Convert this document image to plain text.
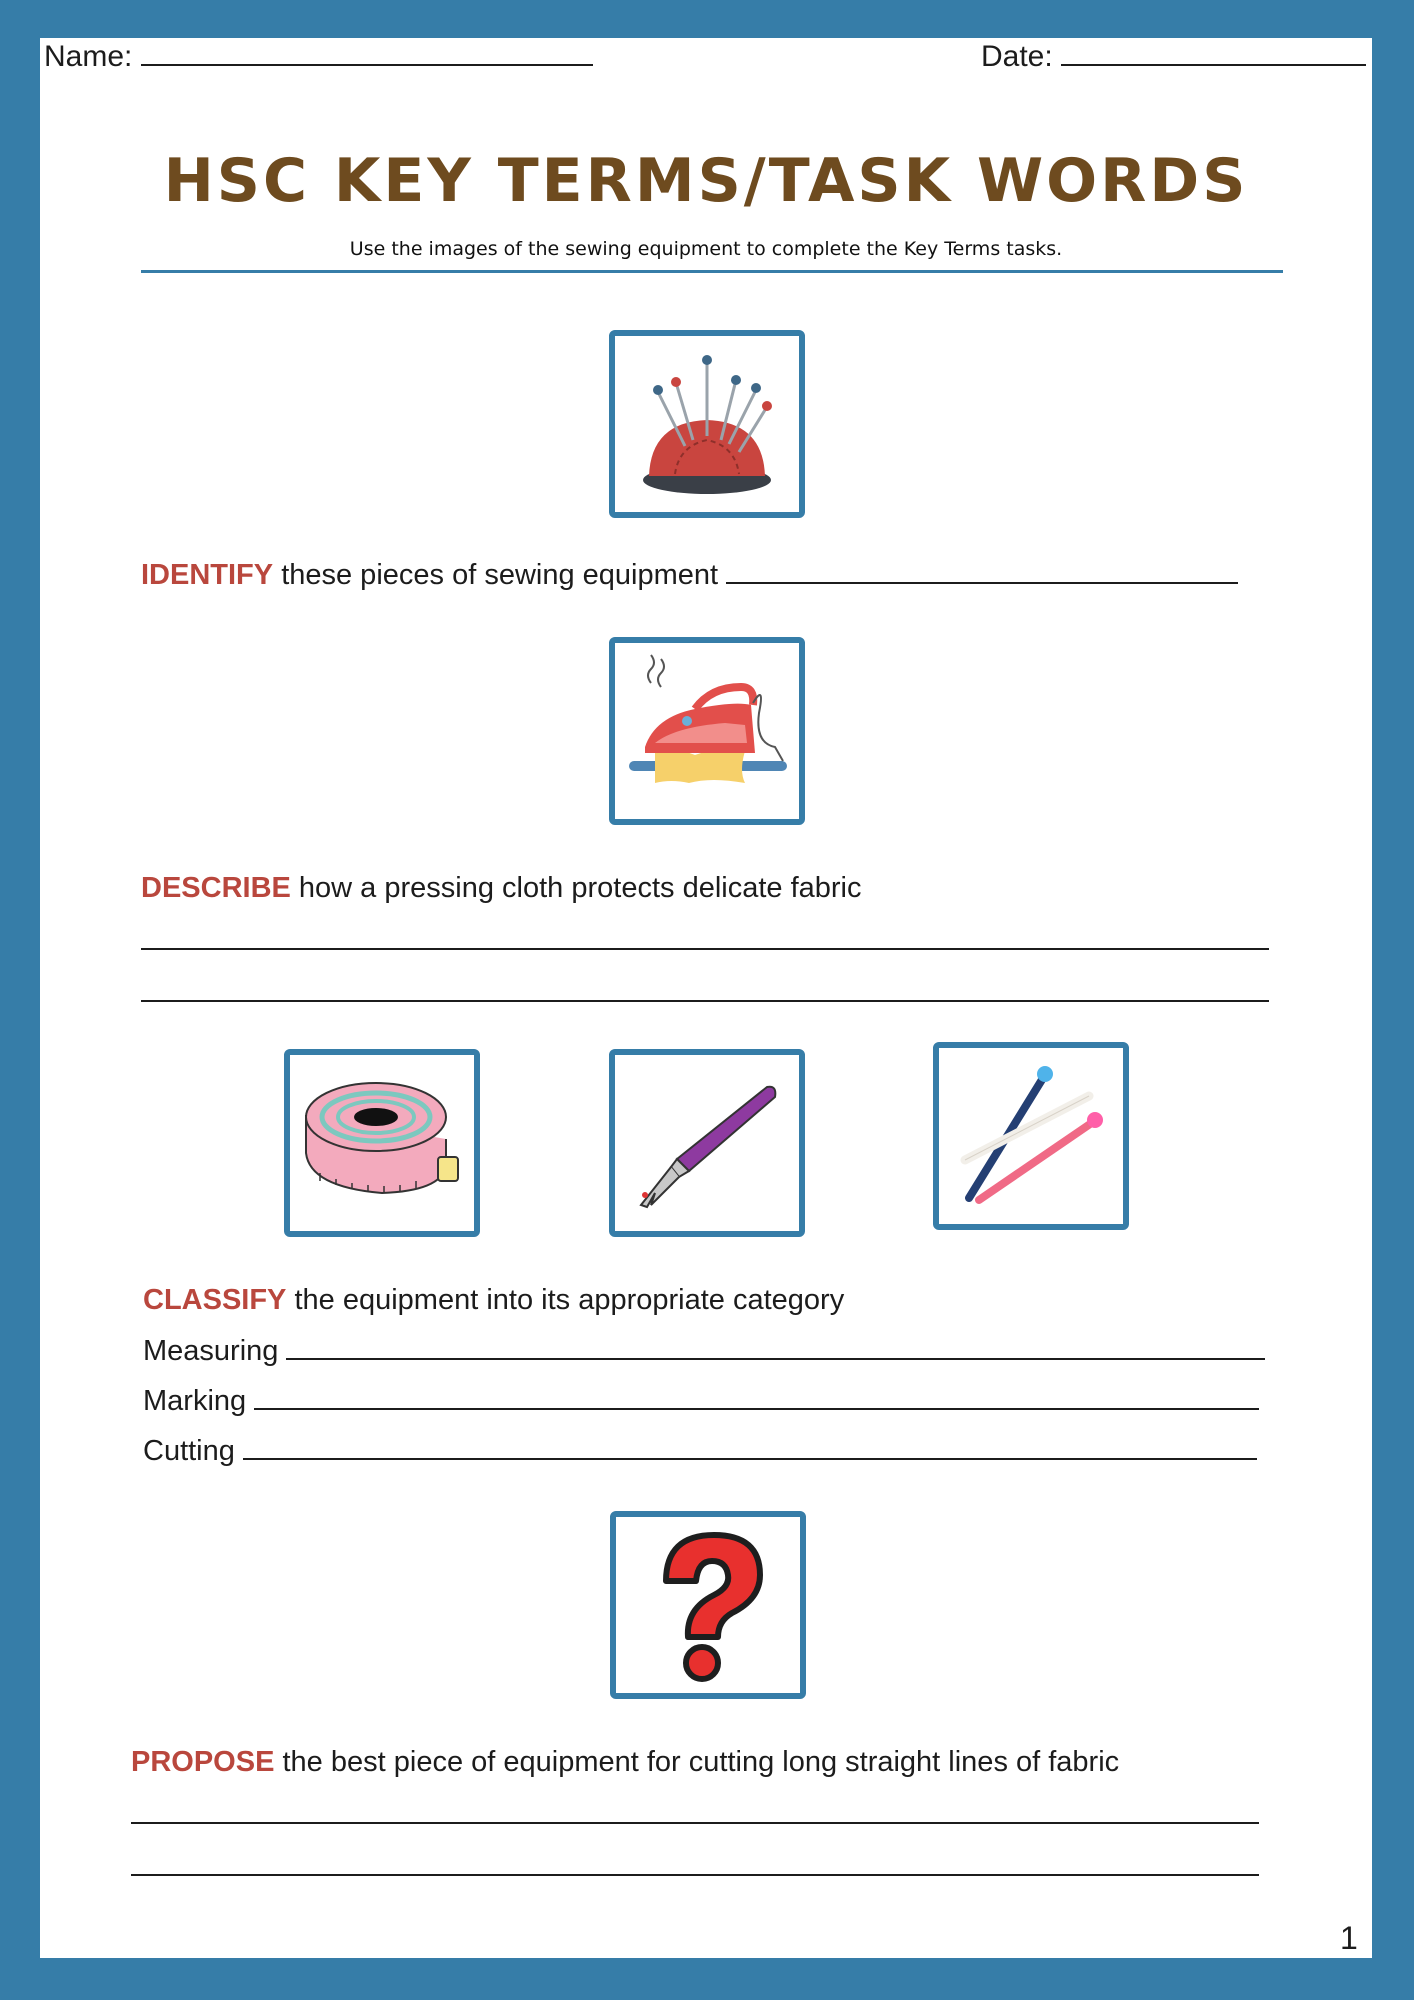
Name:	Date:
HSC KEY TERMS/TASK WORDS
Use the images of the sewing equipment to complete the Key Terms tasks.
IDENTIFY these pieces of sewing equipment
DESCRIBE how a pressing cloth protects delicate fabric
CLASSIFY the equipment into its appropriate category
Measuring
Marking
Cutting
PROPOSE the best piece of equipment for cutting long straight lines of fabric
1
